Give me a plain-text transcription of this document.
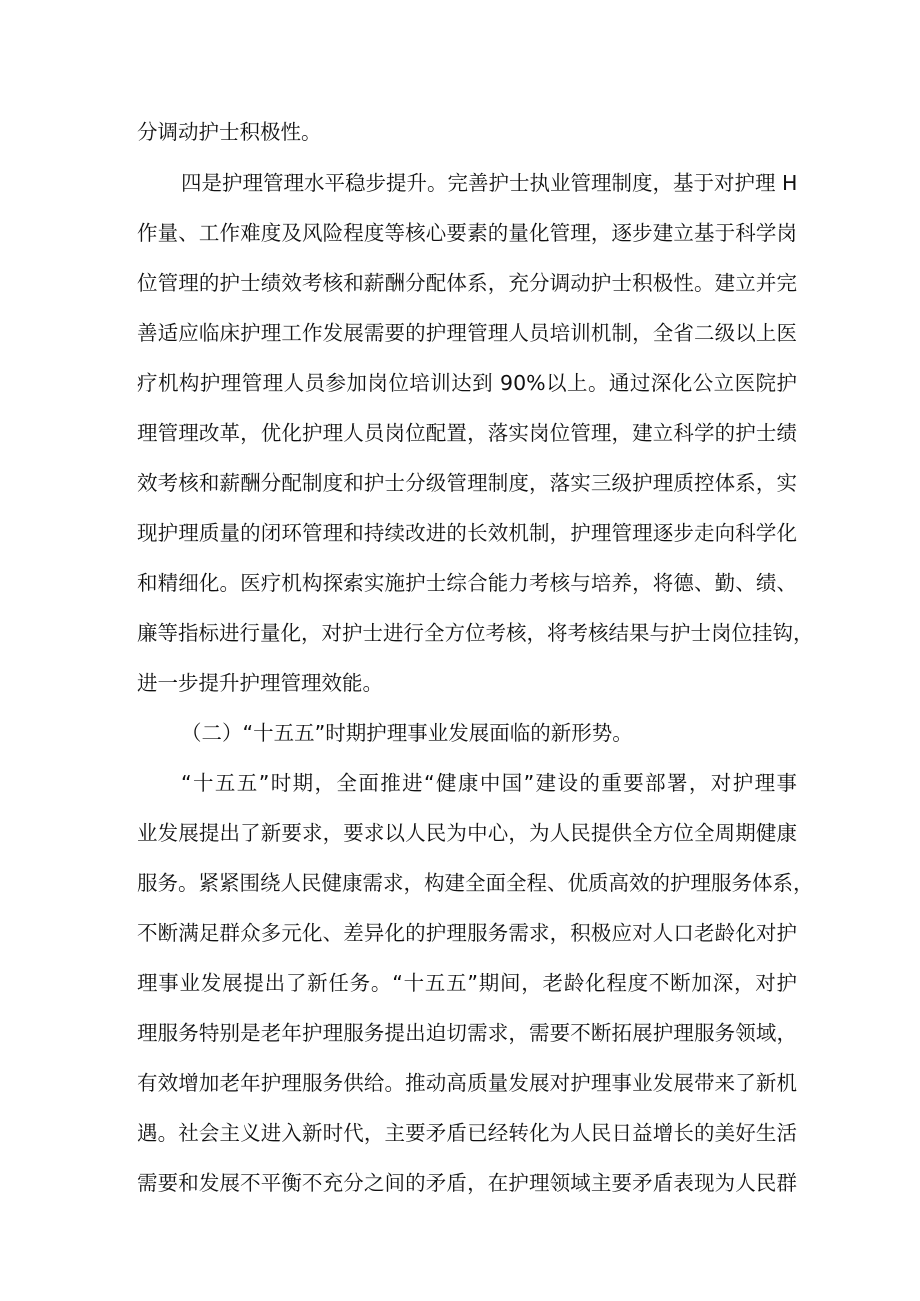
分调动护士积极性。
四是护理管理水平稳步提升。完善护士执业管理制度，基于对护理 H
作量、工作难度及风险程度等核心要素的量化管理，逐步建立基于科学岗
位管理的护士绩效考核和薪酬分配体系，充分调动护士积极性。建立并完
善适应临床护理工作发展需要的护理管理人员培训机制，全省二级以上医
疗机构护理管理人员参加岗位培训达到 90%以上。通过深化公立医院护
理管理改革，优化护理人员岗位配置，落实岗位管理，建立科学的护士绩
效考核和薪酬分配制度和护士分级管理制度，落实三级护理质控体系，实
现护理质量的闭环管理和持续改进的长效机制，护理管理逐步走向科学化
和精细化。医疗机构探索实施护士综合能力考核与培养，将德、勤、绩、
廉等指标进行量化，对护士进行全方位考核，将考核结果与护士岗位挂钩，
进一步提升护理管理效能。
（二）“十五五”时期护理事业发展面临的新形势。
“十五五”时期，全面推进“健康中国”建设的重要部署，对护理事
业发展提出了新要求，要求以人民为中心，为人民提供全方位全周期健康
服务。紧紧围绕人民健康需求，构建全面全程、优质高效的护理服务体系，
不断满足群众多元化、差异化的护理服务需求，积极应对人口老龄化对护
理事业发展提出了新任务。“十五五”期间，老龄化程度不断加深，对护
理服务特别是老年护理服务提出迫切需求，需要不断拓展护理服务领域，
有效增加老年护理服务供给。推动高质量发展对护理事业发展带来了新机
遇。社会主义进入新时代，主要矛盾已经转化为人民日益增长的美好生活
需要和发展不平衡不充分之间的矛盾，在护理领域主要矛盾表现为人民群
